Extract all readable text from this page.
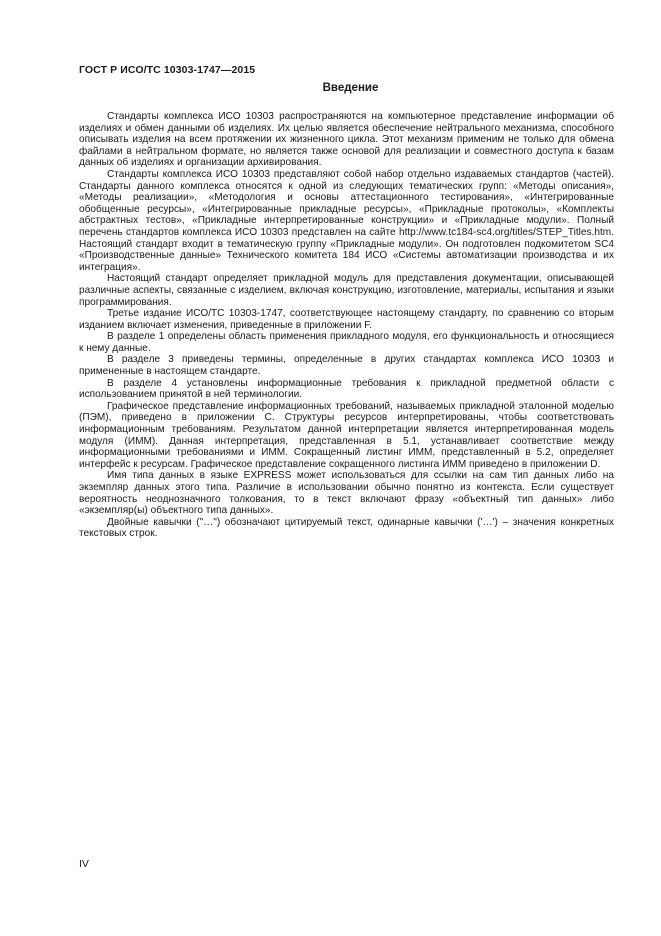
ГОСТ Р ИСО/ТС 10303-1747—2015
Введение

Стандарты комплекса ИСО 10303 распространяются на компьютерное представление информации об изделиях и обмен данными об изделиях. Их целью является обеспечение нейтрального механизма, способного описывать изделия на всем протяжении их жизненного цикла. Этот механизм применим не только для обмена файлами в нейтральном формате, но является также основой для реализации и совместного доступа к базам данных об изделиях и организации архивирования.

Стандарты комплекса ИСО 10303 представляют собой набор отдельно издаваемых стандартов (частей). Стандарты данного комплекса относятся к одной из следующих тематических групп: «Методы описания», «Методы реализации», «Методология и основы аттестационного тестирования», «Интегрированные обобщенные ресурсы», «Интегрированные прикладные ресурсы», «Прикладные протоколы», «Комплекты абстрактных тестов», «Прикладные интерпретированные конструкции» и «Прикладные модули». Полный перечень стандартов комплекса ИСО 10303 представлен на сайте http://www.tc184-sc4.org/titles/STEP_Titles.htm. Настоящий стандарт входит в тематическую группу «Прикладные модули». Он подготовлен подкомитетом SC4 «Производственные данные» Технического комитета 184 ИСО «Системы автоматизации производства и их интеграция».

Настоящий стандарт определяет прикладной модуль для представления документации, описывающей различные аспекты, связанные с изделием, включая конструкцию, изготовление, материалы, испытания и языки программирования.

Третье издание ИСО/ТС 10303-1747, соответствующее настоящему стандарту, по сравнению со вторым изданием включает изменения, приведенные в приложении F.

В разделе 1 определены область применения прикладного модуля, его функциональность и относящиеся к нему данные.

В разделе 3 приведены термины, определенные в других стандартах комплекса ИСО 10303 и примененные в настоящем стандарте.

В разделе 4 установлены информационные требования к прикладной предметной области с использованием принятой в ней терминологии.

Графическое представление информационных требований, называемых прикладной эталонной моделью (ПЭМ), приведено в приложении С. Структуры ресурсов интерпретированы, чтобы соответствовать информационным требованиям. Результатом данной интерпретации является интерпретированная модель модуля (ИММ). Данная интерпретация, представленная в 5.1, устанавливает соответствие между информационными требованиями и ИММ. Сокращенный листинг ИММ, представленный в 5.2, определяет интерфейс к ресурсам. Графическое представление сокращенного листинга ИММ приведено в приложении D.

Имя типа данных в языке EXPRESS может использоваться для ссылки на сам тип данных либо на экземпляр данных этого типа. Различие в использовании обычно понятно из контекста. Если существует вероятность неоднозначного толкования, то в текст включают фразу «объектный тип данных» либо «экземпляр(ы) объектного типа данных».

Двойные кавычки ("…") обозначают цитируемый текст, одинарные кавычки ('…') – значения конкретных текстовых строк.

IV
